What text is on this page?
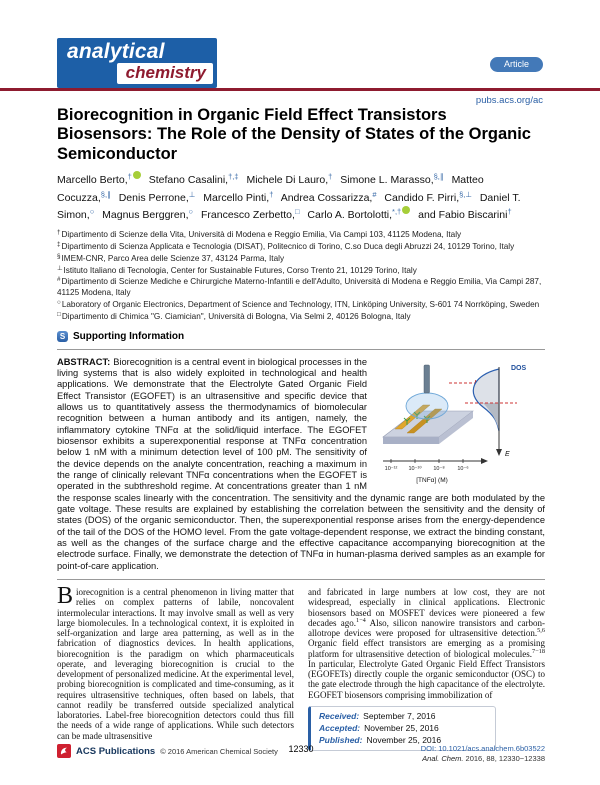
analytical
chemistry	Article
pubs.acs.org/ac
Biorecognition in Organic Field Effect Transistors Biosensors: The Role of the Density of States of the Organic Semiconductor

Marcello Berto,† Stefano Casalini,†,‡ Michele Di Lauro,† Simone L. Marasso,§,∥ Matteo Cocuzza,§,∥ Denis Perrone,⊥ Marcello Pinti,† Andrea Cossarizza,# Candido F. Pirri,§,⊥ Daniel T. Simon,○ Magnus Berggren,○ Francesco Zerbetto,□ Carlo A. Bortolotti,*,† and Fabio Biscarini†

†Dipartimento di Scienze della Vita, Università di Modena e Reggio Emilia, Via Campi 103, 41125 Modena, Italy
‡Dipartimento di Scienza Applicata e Tecnologia (DISAT), Politecnico di Torino, C.so Duca degli Abruzzi 24, 10129 Torino, Italy
§IMEM-CNR, Parco Area delle Scienze 37, 43124 Parma, Italy
⊥Istituto Italiano di Tecnologia, Center for Sustainable Futures, Corso Trento 21, 10129 Torino, Italy
#Dipartimento di Scienze Mediche e Chirurgiche Materno-Infantili e dell'Adulto, Università di Modena e Reggio Emilia, Via Campi 287, 41125 Modena, Italy
○Laboratory of Organic Electronics, Department of Science and Technology, ITN, Linköping University, S-601 74 Norrköping, Sweden
□Dipartimento di Chimica "G. Ciamician", Università di Bologna, Via Selmi 2, 40126 Bologna, Italy
S Supporting Information
10⁻¹² 10⁻¹⁰ 10⁻⁸ 10⁻⁶
[TNFα] (M)
E
DOS
ABSTRACT: Biorecognition is a central event in biological processes in the living systems that is also widely exploited in technological and health applications. We demonstrate that the Electrolyte Gated Organic Field Effect Transistor (EGOFET) is an ultrasensitive and specific device that allows us to quantitatively assess the thermodynamics of biomolecular recognition between a human antibody and its antigen, namely, the inflammatory cytokine TNFα at the solid/liquid interface. The EGOFET biosensor exhibits a superexponential response at TNFα concentration below 1 nM with a minimum detection level of 100 pM. The sensitivity of the device depends on the analyte concentration, reaching a maximum in the range of clinically relevant TNFα concentrations when the EGOFET is operated in the subthreshold regime. At concentrations greater than 1 nM the response scales linearly with the concentration. The sensitivity and the dynamic range are both modulated by the gate voltage. These results are explained by establishing the correlation between the sensitivity and the density of states (DOS) of the organic semiconductor. Then, the superexponential response arises from the energy-dependence of the tail of the DOS of the HOMO level. From the gate voltage-dependent response, we extract the binding constant, as well as the changes of the surface charge and the effective capacitance accompanying biorecognition at the electrode surface. Finally, we demonstrate the detection of TNFα in human-plasma derived samples as an example for point-of-care application.
Biorecognition is a central phenomenon in living matter that relies on complex patterns of labile, noncovalent intermolecular interactions. It may involve small as well as very large biomolecules. In a technological context, it is exploited in self-organization and large area patterning, as well as in the fabrication of diagnostics devices. In health applications, biorecognition is the paradigm on which pharmaceuticals operate, and leveraging biorecognition is crucial to the development of personalized medicine. At the experimental level, probing biorecognition is complicated and time-consuming, as it requires ultrasensitive techniques, often based on labels, that cannot readily be transferred outside specialized analytical laboratories. Label-free biorecognition detectors could thus fill the needs of a wide range of applications. While such detectors can be made ultrasensitive
and fabricated in large numbers at low cost, they are not widespread, especially in clinical applications. Electronic biosensors based on MOSFET devices were pioneered a few decades ago.$^{1-4}$ Also, silicon nanowire transistors and carbon-allotrope devices were proposed for ultrasensitive detection.$^{5,6}$ Organic field effect transistors are emerging as a promising platform for ultrasensitive detection of biological molecules.$^{7-18}$ In particular, Electrolyte Gated Organic Field Effect Transistors (EGOFETs) directly couple the organic semiconductor (OSC) to the gate electrode through the high capacitance of the electrolyte. EGOFET biosensors comprising immobilization of
Received: September 7, 2016
Accepted: November 25, 2016
Published: November 25, 2016
ACS Publications © 2016 American Chemical Society 12330	DOI: 10.1021/acs.analchem.6b03522
Anal. Chem. 2016, 88, 12330−12338
